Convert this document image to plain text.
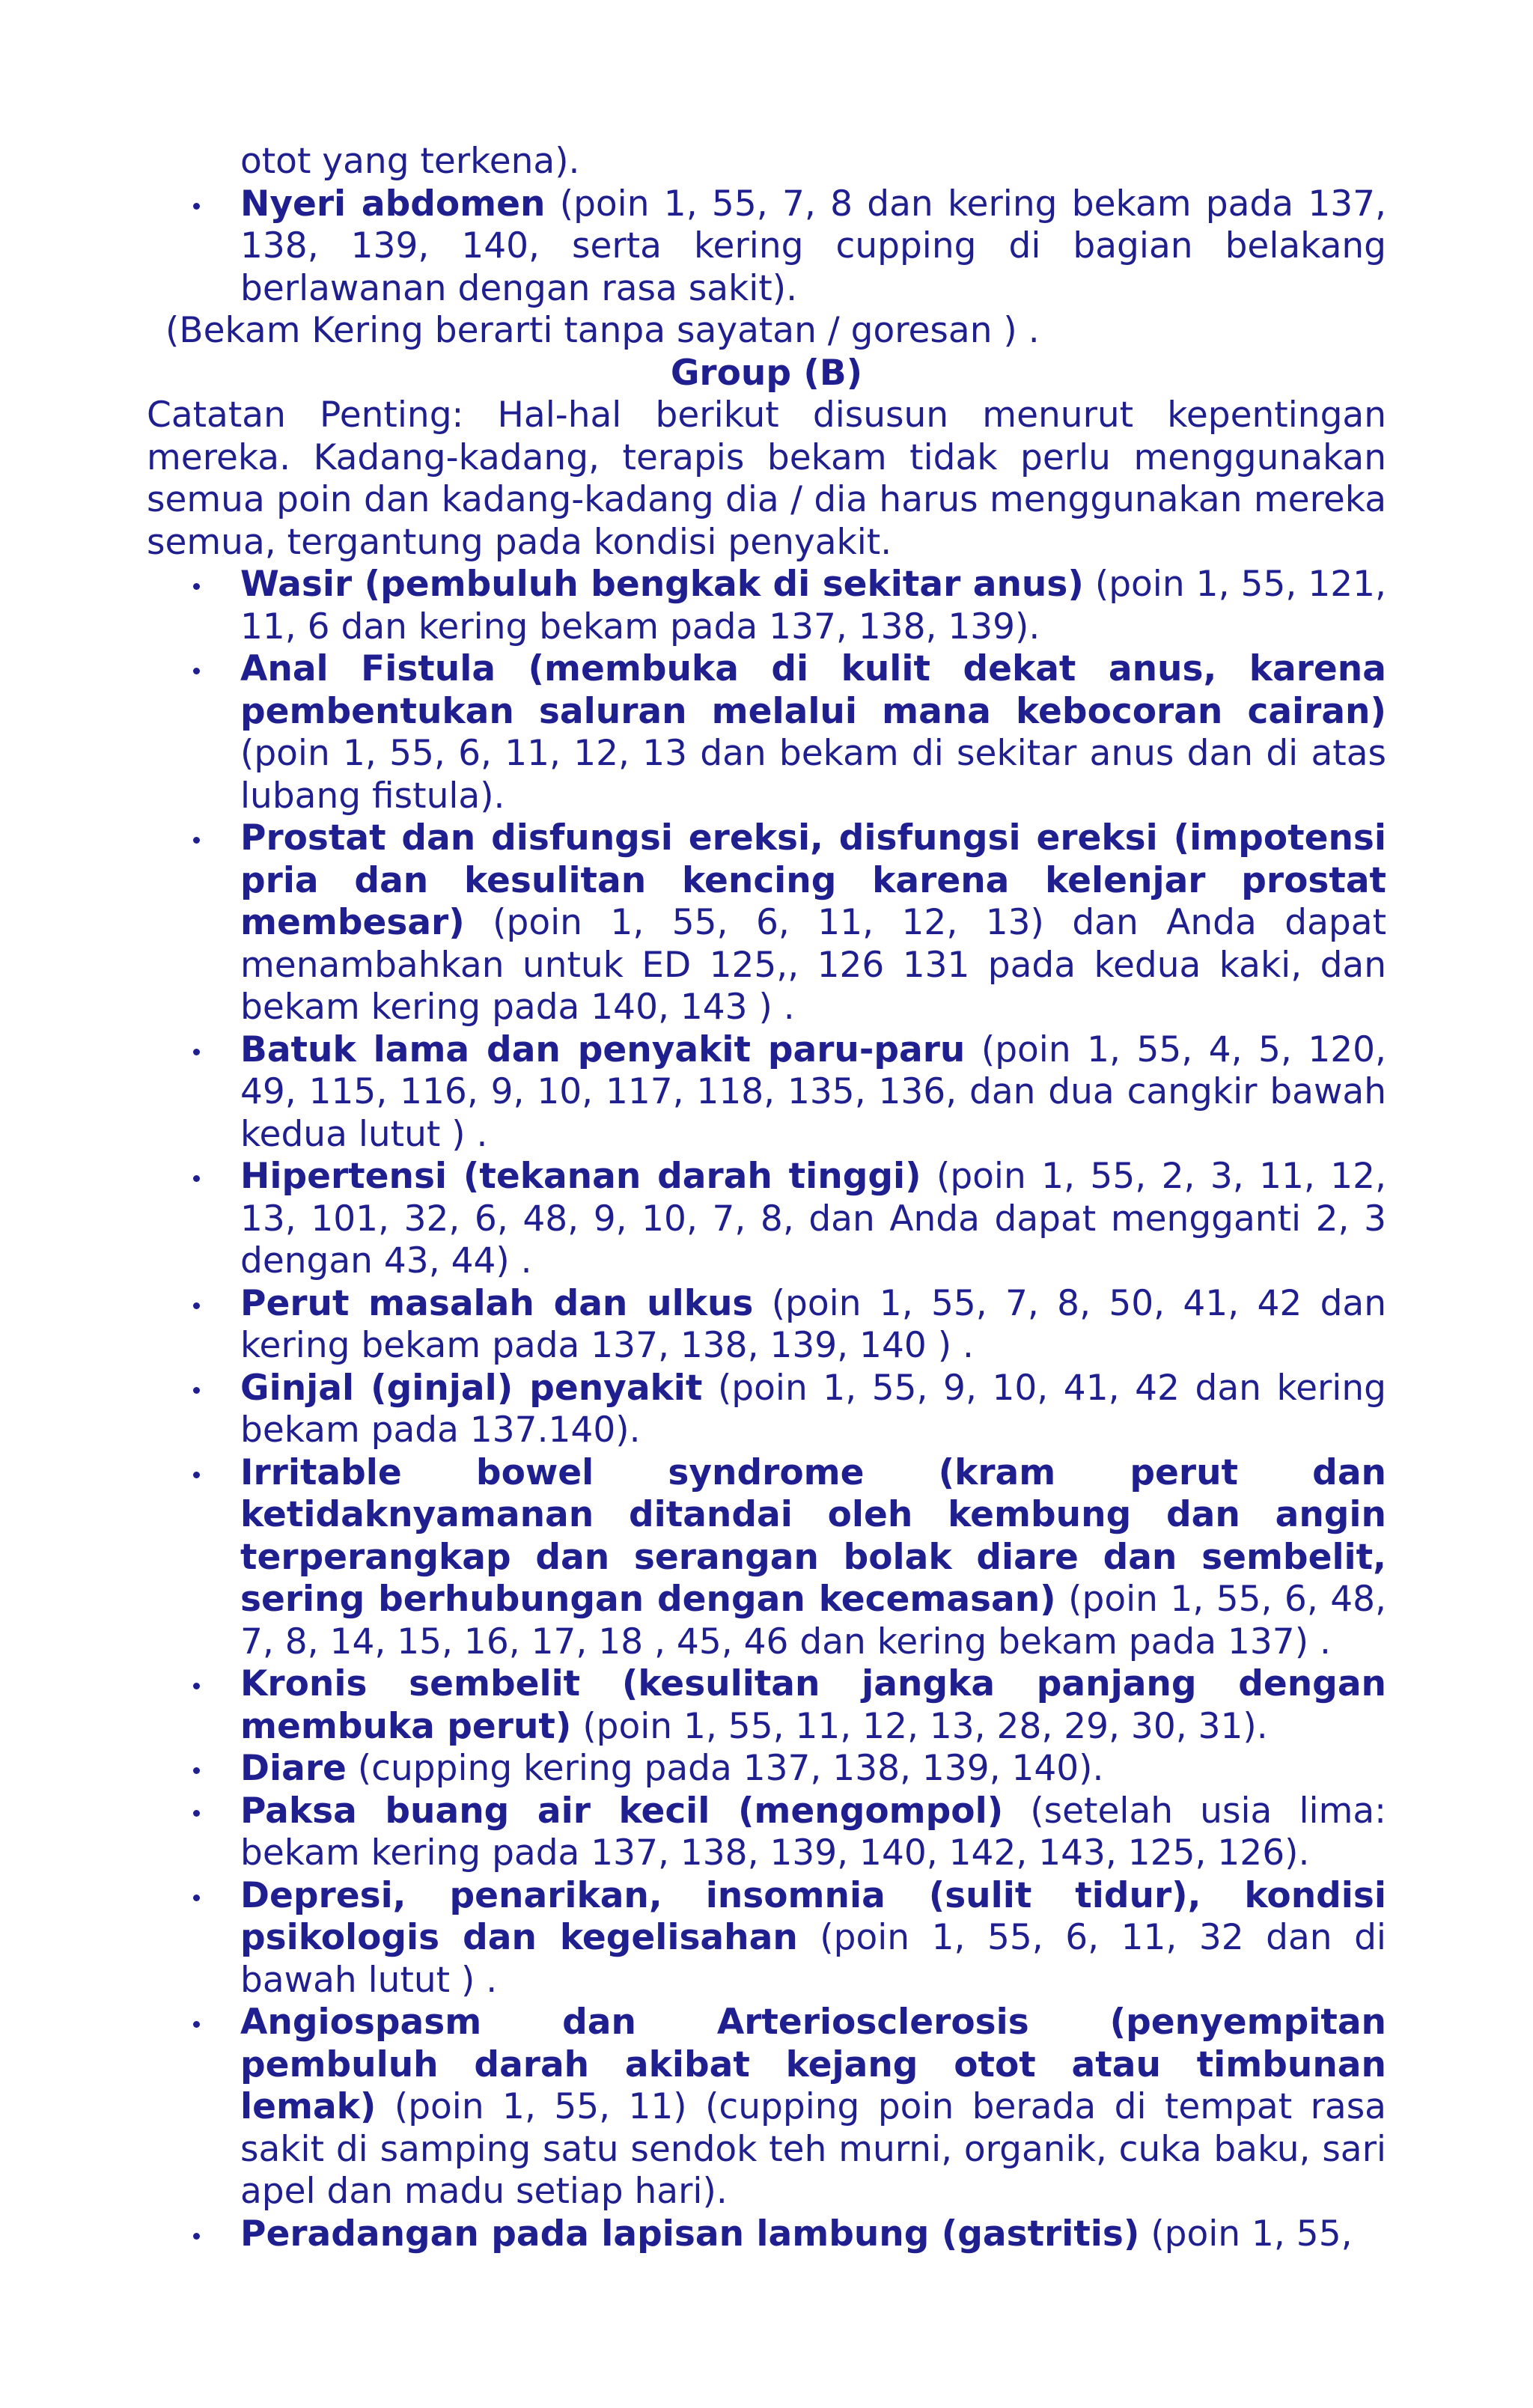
otot yang terkena).
Nyeri abdomen (poin 1, 55, 7, 8 dan kering bekam pada 137, 138, 139, 140, serta kering cupping di bagian belakang berlawanan dengan rasa sakit).
(Bekam Kering berarti tanpa sayatan / goresan ) .
Group (B)
Catatan Penting: Hal-hal berikut disusun menurut kepentingan mereka. Kadang-kadang, terapis bekam tidak perlu menggunakan semua poin dan kadang-kadang dia / dia harus menggunakan mereka semua, tergantung pada kondisi penyakit.
Wasir (pembuluh bengkak di sekitar anus) (poin 1, 55, 121, 11, 6 dan kering bekam pada 137, 138, 139).
Anal Fistula (membuka di kulit dekat anus, karena pembentukan saluran melalui mana kebocoran cairan) (poin 1, 55, 6, 11, 12, 13 dan bekam di sekitar anus dan di atas lubang fistula).
Prostat dan disfungsi ereksi, disfungsi ereksi (impotensi pria dan kesulitan kencing karena kelenjar prostat membesar) (poin 1, 55, 6, 11, 12, 13) dan Anda dapat menambahkan untuk ED 125,, 126 131 pada kedua kaki, dan bekam kering pada 140, 143 ) .
Batuk lama dan penyakit paru-paru (poin 1, 55, 4, 5, 120, 49, 115, 116, 9, 10, 117, 118, 135, 136, dan dua cangkir bawah kedua lutut ) .
Hipertensi (tekanan darah tinggi) (poin 1, 55, 2, 3, 11, 12, 13, 101, 32, 6, 48, 9, 10, 7, 8, dan Anda dapat mengganti 2, 3 dengan 43, 44) .
Perut masalah dan ulkus (poin 1, 55, 7, 8, 50, 41, 42 dan kering bekam pada 137, 138, 139, 140 ) .
Ginjal (ginjal) penyakit (poin 1, 55, 9, 10, 41, 42 dan kering bekam pada 137.140).
Irritable bowel syndrome (kram perut dan ketidaknyamanan ditandai oleh kembung dan angin terperangkap dan serangan bolak diare dan sembelit, sering berhubungan dengan kecemasan) (poin 1, 55, 6, 48, 7, 8, 14, 15, 16, 17, 18 , 45, 46 dan kering bekam pada 137) .
Kronis sembelit (kesulitan jangka panjang dengan membuka perut) (poin 1, 55, 11, 12, 13, 28, 29, 30, 31).
Diare (cupping kering pada 137, 138, 139, 140).
Paksa buang air kecil (mengompol) (setelah usia lima: bekam kering pada 137, 138, 139, 140, 142, 143, 125, 126).
Depresi, penarikan, insomnia (sulit tidur), kondisi psikologis dan kegelisahan (poin 1, 55, 6, 11, 32 dan di bawah lutut ) .
Angiospasm dan Arteriosclerosis (penyempitan pembuluh darah akibat kejang otot atau timbunan lemak) (poin 1, 55, 11) (cupping poin berada di tempat rasa sakit di samping satu sendok teh murni, organik, cuka baku, sari apel dan madu setiap hari).
Peradangan pada lapisan lambung (gastritis) (poin 1, 55,
